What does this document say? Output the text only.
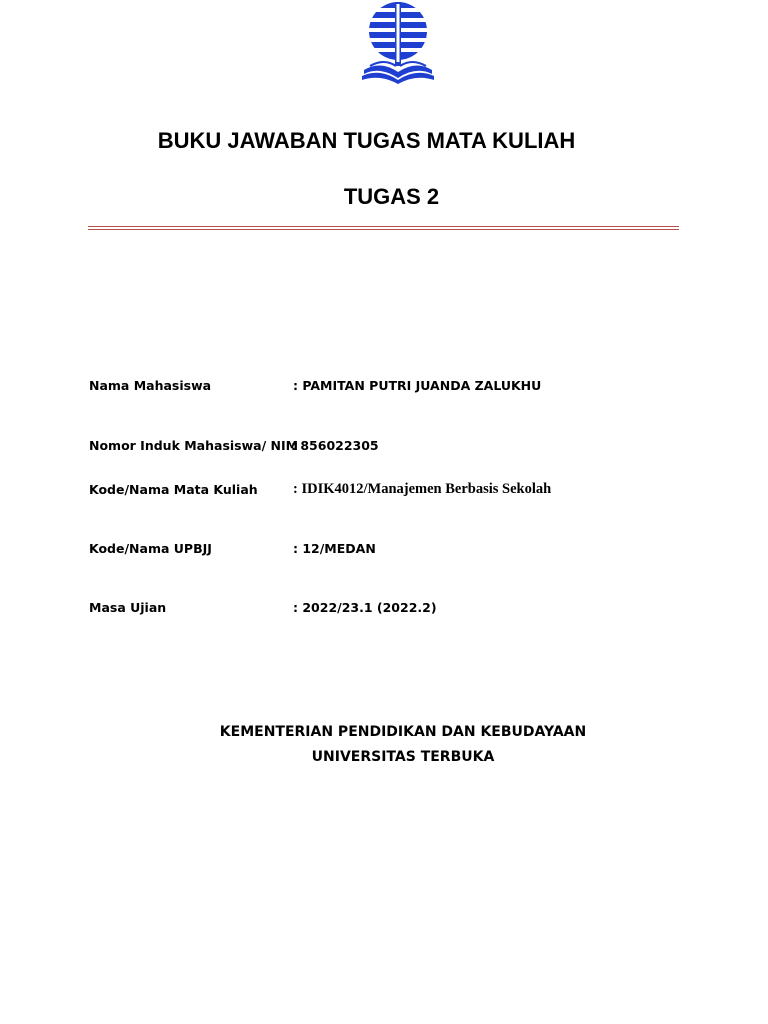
BUKU JAWABAN TUGAS MATA KULIAH
TUGAS 2
Nama Mahasiswa	: PAMITAN PUTRI JUANDA ZALUKHU
Nomor Induk Mahasiswa/ NIM
: 856022305
Kode/Nama Mata Kuliah : IDIK4012/Manajemen Berbasis Sekolah
Kode/Nama UPBJJ	: 12/MEDAN
Masa Ujian	: 2022/23.1 (2022.2)

KEMENTERIAN PENDIDIKAN DAN KEBUDAYAAN

UNIVERSITAS TERBUKA
